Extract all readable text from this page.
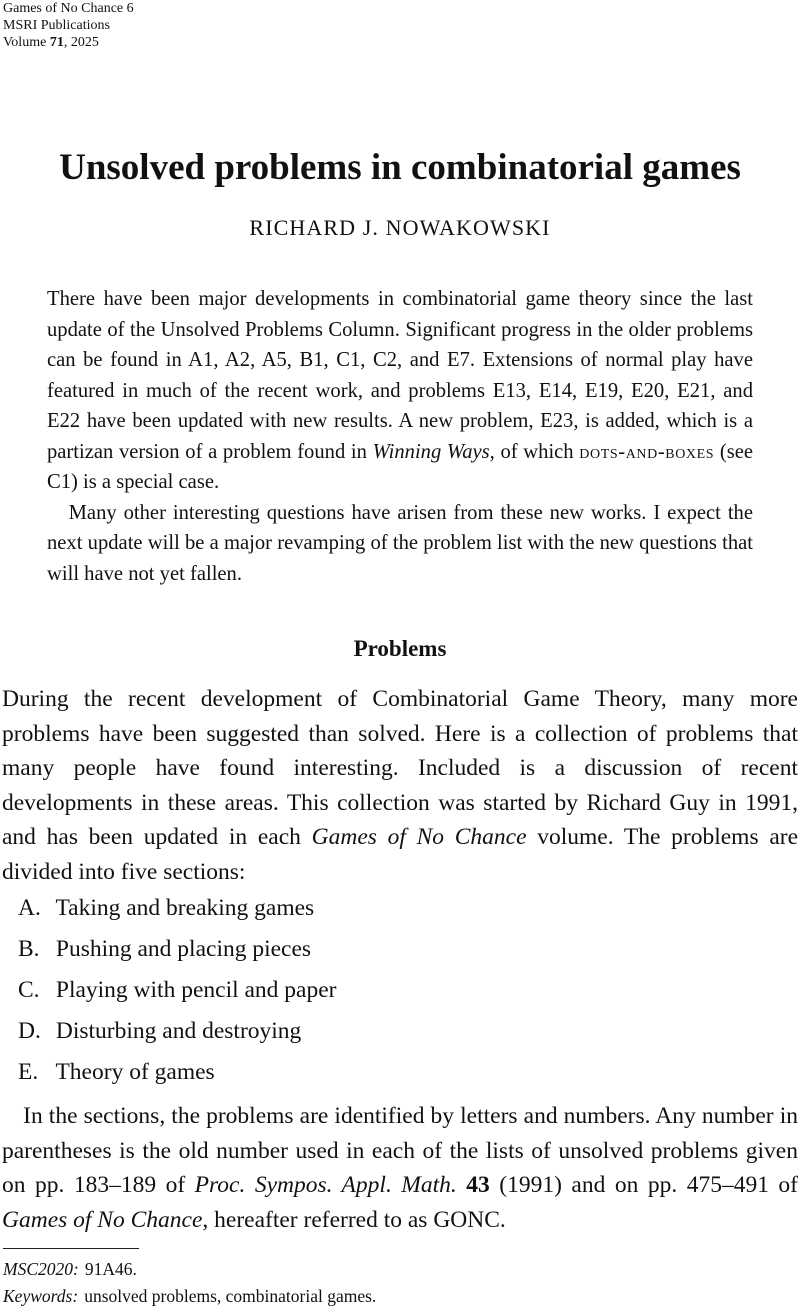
Games of No Chance 6
MSRI Publications
Volume 71, 2025
Unsolved problems in combinatorial games
RICHARD J. NOWAKOWSKI

There have been major developments in combinatorial game theory since the last update of the Unsolved Problems Column. Significant progress in the older problems can be found in A1, A2, A5, B1, C1, C2, and E7. Extensions of normal play have featured in much of the recent work, and problems E13, E14, E19, E20, E21, and E22 have been updated with new results. A new problem, E23, is added, which is a partizan version of a problem found in Winning Ways, of which dots-and-boxes (see C1) is a special case.

Many other interesting questions have arisen from these new works. I expect the next update will be a major revamping of the problem list with the new questions that will have not yet fallen.

Problems

During the recent development of Combinatorial Game Theory, many more problems have been suggested than solved. Here is a collection of problems that many people have found interesting. Included is a discussion of recent developments in these areas. This collection was started by Richard Guy in 1991, and has been updated in each Games of No Chance volume. The problems are divided into five sections:

A. Taking and breaking games
B. Pushing and placing pieces
C. Playing with pencil and paper
D. Disturbing and destroying
E. Theory of games

In the sections, the problems are identified by letters and numbers. Any number in parentheses is the old number used in each of the lists of unsolved problems given on pp. 183–189 of Proc. Sympos. Appl. Math. 43 (1991) and on pp. 475–491 of Games of No Chance, hereafter referred to as GONC.

MSC2020: 91A46.
Keywords: unsolved problems, combinatorial games.
